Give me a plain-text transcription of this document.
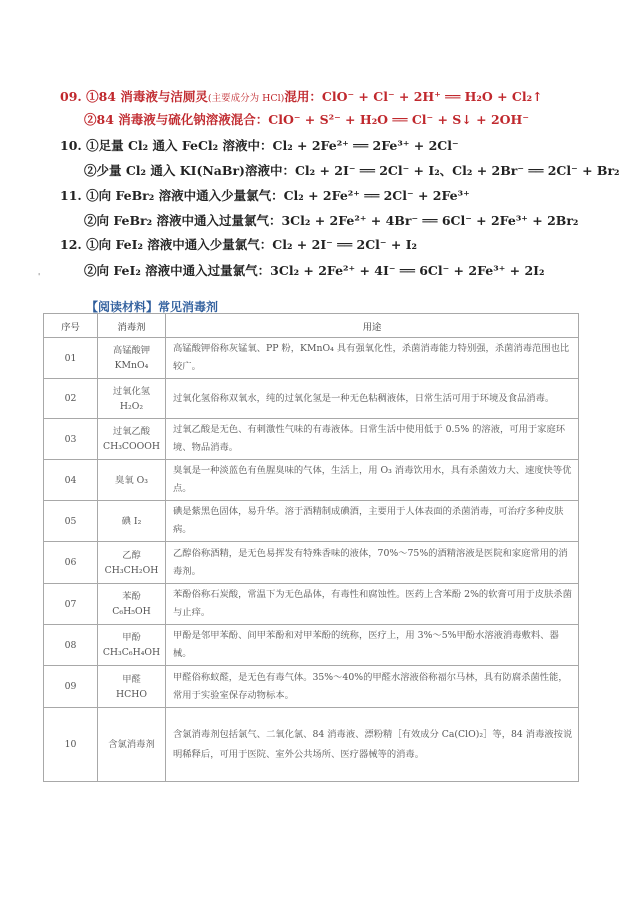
09. ①84 消毒液与洁厕灵(主要成分为 HCl)混用：ClO⁻ + Cl⁻ + 2H⁺ ══ H₂O + Cl₂↑
②84 消毒液与硫化钠溶液混合：ClO⁻ + S²⁻ + H₂O ══ Cl⁻ + S↓ + 2OH⁻
10. ①足量 Cl₂ 通入 FeCl₂ 溶液中：Cl₂ + 2Fe²⁺ ══ 2Fe³⁺ + 2Cl⁻
②少量 Cl₂ 通入 KI(NaBr)溶液中：Cl₂ + 2I⁻ ══ 2Cl⁻ + I₂、Cl₂ + 2Br⁻ ══ 2Cl⁻ + Br₂
11. ①向 FeBr₂ 溶液中通入少量氯气：Cl₂ + 2Fe²⁺ ══ 2Cl⁻ + 2Fe³⁺
②向 FeBr₂ 溶液中通入过量氯气：3Cl₂ + 2Fe²⁺ + 4Br⁻ ══ 6Cl⁻ + 2Fe³⁺ + 2Br₂
12. ①向 FeI₂ 溶液中通入少量氯气：Cl₂ + 2I⁻ ══ 2Cl⁻ + I₂
②向 FeI₂ 溶液中通入过量氯气：3Cl₂ + 2Fe²⁺ + 4I⁻ ══ 6Cl⁻ + 2Fe³⁺ + 2I₂
'
【阅读材料】常见消毒剂
序号	消毒剂	用途
01	高锰酸钾
KMnO₄	高锰酸钾俗称灰锰氧、PP 粉，KMnO₄ 具有强氧化性，杀菌消毒能力特别强，杀菌消毒范围也比较广。
02	过氧化氢
H₂O₂	过氧化氢俗称双氧水，纯的过氧化氢是一种无色粘稠液体，日常生活可用于环境及食品消毒。
03	过氧乙酸
CH₃COOOH	过氧乙酸是无色、有刺激性气味的有毒液体。日常生活中使用低于 0.5% 的溶液，可用于家庭环境、物品消毒。
04	臭氧 O₃	臭氧是一种淡蓝色有鱼腥臭味的气体，生活上，用 O₃ 消毒饮用水，具有杀菌效力大、速度快等优点。
05	碘 I₂	碘是紫黑色固体，易升华。溶于酒精制成碘酒，主要用于人体表面的杀菌消毒，可治疗多种皮肤病。
06	乙醇
CH₃CH₂OH	乙醇俗称酒精，是无色易挥发有特殊香味的液体，70%～75%的酒精溶液是医院和家庭常用的消毒剂。
07	苯酚
C₆H₅OH	苯酚俗称石炭酸，常温下为无色晶体，有毒性和腐蚀性。医药上含苯酚 2%的软膏可用于皮肤杀菌与止痒。
08	甲酚
CH₃C₆H₄OH	甲酚是邻甲苯酚、间甲苯酚和对甲苯酚的统称，医疗上，用 3%～5%甲酚水溶液消毒敷料、器械。
09	甲醛
HCHO	甲醛俗称蚁醛，是无色有毒气体。35%～40%的甲醛水溶液俗称福尔马林，具有防腐杀菌性能，常用于实验室保存动物标本。
10	含氯消毒剂	含氯消毒剂包括氯气、二氧化氯、84 消毒液、漂粉精［有效成分 Ca(ClO)₂］等，84 消毒液按说明稀释后，可用于医院、室外公共场所、医疗器械等的消毒。
